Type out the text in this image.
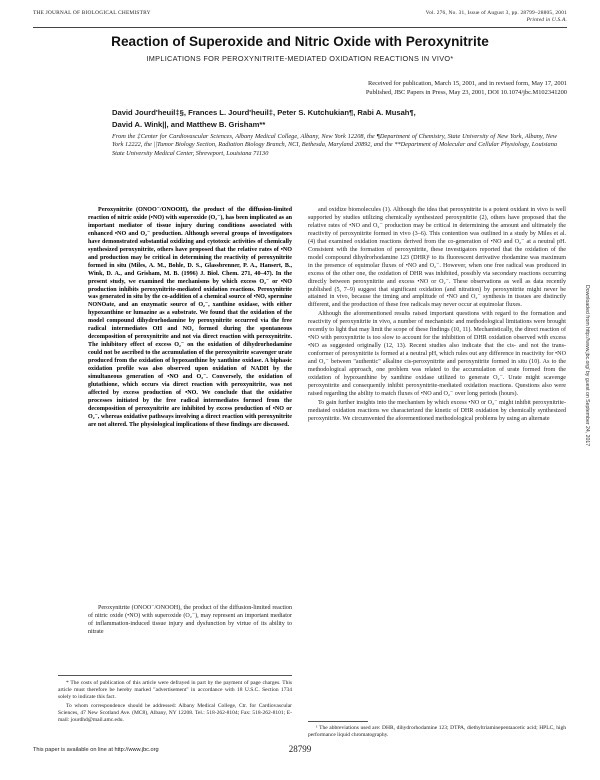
THE JOURNAL OF BIOLOGICAL CHEMISTRY	Vol. 276, No. 31, Issue of August 3, pp. 28799–28805, 2001
Printed in U.S.A.
Reaction of Superoxide and Nitric Oxide with Peroxynitrite
IMPLICATIONS FOR PEROXYNITRITE-MEDIATED OXIDATION REACTIONS IN VIVO*
Received for publication, March 15, 2001, and in revised form, May 17, 2001
Published, JBC Papers in Press, May 23, 2001, DOI 10.1074/jbc.M102341200
David Jourd'heuil‡§, Frances L. Jourd'heuil‡, Peter S. Kutchukian¶, Rabi A. Musah¶,
David A. Wink||, and Matthew B. Grisham**
From the ‡Center for Cardiovascular Sciences, Albany Medical College, Albany, New York 12208, the ¶Department of Chemistry, State University of New York, Albany, New York 12222, the ||Tumor Biology Section, Radiation Biology Branch, NCI, Bethesda, Maryland 20892, and the **Department of Molecular and Cellular Physiology, Louisiana State University Medical Center, Shreveport, Louisiana 71130

Peroxynitrite (ONOO⁻/ONOOH), the product of the diffusion-limited reaction of nitric oxide (•NO) with superoxide (O₂⁻), has been implicated as an important mediator of tissue injury during conditions associated with enhanced •NO and O₂⁻ production. Although several groups of investigators have demonstrated substantial oxidizing and cytotoxic activities of chemically synthesized peroxynitrite, others have proposed that the relative rates of •NO and production may be critical in determining the reactivity of peroxynitrite formed in situ (Miles, A. M., Bohle, D. S., Glassbrenner, P. A., Hansert, B., Wink, D. A., and Grisham, M. B. (1996) J. Biol. Chem. 271, 40–47). In the present study, we examined the mechanisms by which excess O₂⁻ or •NO production inhibits peroxynitrite-mediated oxidation reactions. Peroxynitrite was generated in situ by the co-addition of a chemical source of •NO, spermine NONOate, and an enzymatic source of O₂⁻, xanthine oxidase, with either hypoxanthine or lumazine as a substrate. We found that the oxidation of the model compound dihydrorhodamine by peroxynitrite occurred via the free radical intermediates OH and NO₂ formed during the spontaneous decomposition of peroxynitrite and not via direct reaction with peroxynitrite. The inhibitory effect of excess O₂⁻ on the oxidation of dihydrorhodamine could not be ascribed to the accumulation of the peroxynitrite scavenger urate produced from the oxidation of hypoxanthine by xanthine oxidase. A biphasic oxidation profile was also observed upon oxidation of NADH by the simultaneous generation of •NO and O₂⁻. Conversely, the oxidation of glutathione, which occurs via direct reaction with peroxynitrite, was not affected by excess production of •NO. We conclude that the oxidative processes initiated by the free radical intermediates formed from the decomposition of peroxynitrite are inhibited by excess production of •NO or O₂⁻, whereas oxidative pathways involving a direct reaction with peroxynitrite are not altered. The physiological implications of these findings are discussed.

Peroxynitrite (ONOO⁻/ONOOH), the product of the diffusion-limited reaction of nitric oxide (•NO) with superoxide (O₂⁻), may represent an important mediator of inflammation-induced tissue injury and dysfunction by virtue of its ability to nitrate

* The costs of publication of this article were defrayed in part by the payment of page charges. This article must therefore be hereby marked "advertisement" in accordance with 18 U.S.C. Section 1734 solely to indicate this fact.

To whom correspondence should be addressed: Albany Medical College, Ctr. for Cardiovascular Sciences, 47 New Scotland Ave. (MC8), Albany, NY 12208. Tel.: 518-262-8104; Fax: 518-262-8101; E-mail: jourdhd@mail.amc.edu.

and oxidize biomolecules (1). Although the idea that peroxynitrite is a potent oxidant in vivo is well supported by studies utilizing chemically synthesized peroxynitrite (2), others have proposed that the relative rates of •NO and O₂⁻ production may be critical in determining the amount and ultimately the reactivity of peroxynitrite formed in vivo (3–6). This contention was outlined in a study by Miles et al. (4) that examined oxidation reactions derived from the co-generation of •NO and O₂⁻ at a neutral pH. Consistent with the formation of peroxynitrite, these investigators reported that the oxidation of the model compound dihydrorhodamine 123 (DHR)¹ to its fluorescent derivative rhodamine was maximum in the presence of equimolar fluxes of •NO and O₂⁻. However, when one free radical was produced in excess of the other one, the oxidation of DHR was inhibited, possibly via secondary reactions occurring directly between peroxynitrite and excess •NO or O₂⁻. These observations as well as data recently published (5, 7–9) suggest that significant oxidation (and nitration) by peroxynitrite might never be attained in vivo, because the timing and amplitude of •NO and O₂⁻ synthesis in tissues are distinctly different, and the production of these free radicals may never occur at equimolar fluxes.

Although the aforementioned results raised important questions with regard to the formation and reactivity of peroxynitrite in vivo, a number of mechanistic and methodological limitations were brought recently to light that may limit the scope of these findings (10, 11). Mechanistically, the direct reaction of •NO with peroxynitrite is too slow to account for the inhibition of DHR oxidation observed with excess •NO as suggested originally (12, 13). Recent studies also indicate that the cis- and not the trans-conformer of peroxynitrite is formed at a neutral pH, which rules out any difference in reactivity for •NO and O₂⁻ between "authentic" alkaline cis-peroxynitrite and peroxynitrite formed in situ (10). As to the methodological approach, one problem was related to the accumulation of urate formed from the oxidation of hypoxanthine by xanthine oxidase utilized to generate O₂⁻. Urate might scavenge peroxynitrite and consequently inhibit peroxynitrite-mediated oxidation reactions. Questions also were raised regarding the ability to match fluxes of •NO and O₂⁻ over long periods (hours).

To gain further insights into the mechanism by which excess •NO or O₂⁻ might inhibit peroxynitrite-mediated oxidation reactions we characterized the kinetic of DHR oxidation by chemically synthesized peroxynitrite. We circumvented the aforementioned methodological problems by using an alternate

¹ The abbreviations used are: DHR, dihydrorhodamine 123; DTPA, diethyltriaminepentaacetic acid; HPLC, high performance liquid chromatography.

This paper is available on line at http://www.jbc.org	28799
Downloaded from http://www.jbc.org/ by guest on September 24, 2017
